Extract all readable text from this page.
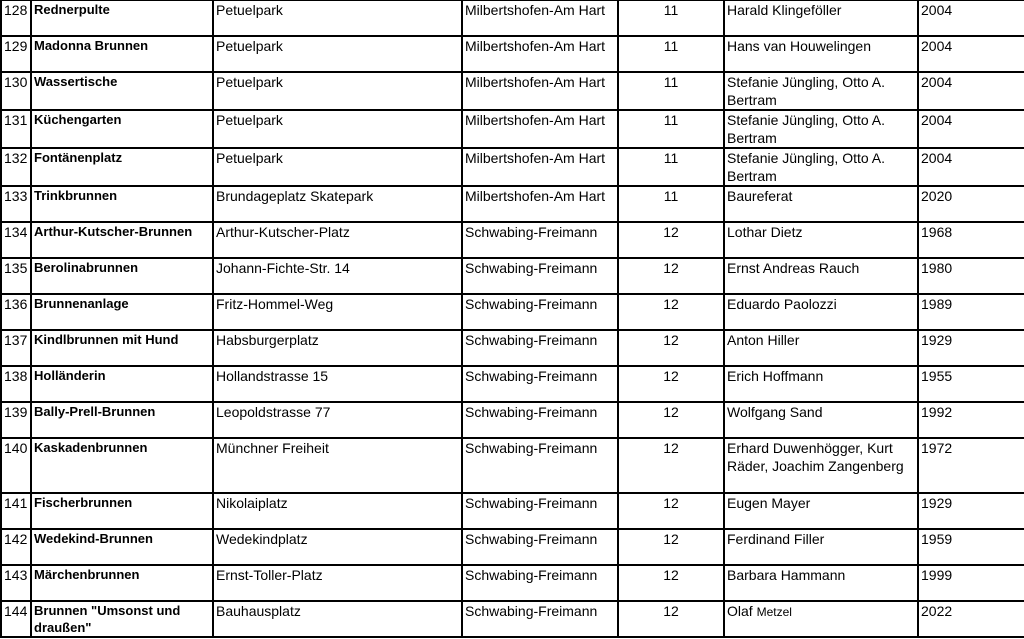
128	Rednerpulte	Petuelpark	Milbertshofen-Am Hart	11	Harald Klingeföller	2004
129	Madonna Brunnen	Petuelpark	Milbertshofen-Am Hart	11	Hans van Houwelingen	2004
130	Wassertische	Petuelpark	Milbertshofen-Am Hart	11	Stefanie Jüngling, Otto A. Bertram	2004
131	Küchengarten	Petuelpark	Milbertshofen-Am Hart	11	Stefanie Jüngling, Otto A. Bertram	2004
132	Fontänenplatz	Petuelpark	Milbertshofen-Am Hart	11	Stefanie Jüngling, Otto A. Bertram	2004
133	Trinkbrunnen	Brundageplatz Skatepark	Milbertshofen-Am Hart	11	Baureferat	2020
134	Arthur-Kutscher-Brunnen	Arthur-Kutscher-Platz	Schwabing-Freimann	12	Lothar Dietz	1968
135	Berolinabrunnen	Johann-Fichte-Str. 14	Schwabing-Freimann	12	Ernst Andreas Rauch	1980
136	Brunnenanlage	Fritz-Hommel-Weg	Schwabing-Freimann	12	Eduardo Paolozzi	1989
137	Kindlbrunnen mit Hund	Habsburgerplatz	Schwabing-Freimann	12	Anton Hiller	1929
138	Holländerin	Hollandstrasse 15	Schwabing-Freimann	12	Erich Hoffmann	1955
139	Bally-Prell-Brunnen	Leopoldstrasse 77	Schwabing-Freimann	12	Wolfgang Sand	1992
140	Kaskadenbrunnen	Münchner Freiheit	Schwabing-Freimann	12	Erhard Duwenhögger, Kurt Räder, Joachim Zangenberg	1972
141	Fischerbrunnen	Nikolaiplatz	Schwabing-Freimann	12	Eugen Mayer	1929
142	Wedekind-Brunnen	Wedekindplatz	Schwabing-Freimann	12	Ferdinand Filler	1959
143	Märchenbrunnen	Ernst-Toller-Platz	Schwabing-Freimann	12	Barbara Hammann	1999
144	Brunnen "Umsonst und draußen"	Bauhausplatz	Schwabing-Freimann	12	Olaf Metzel	2022
